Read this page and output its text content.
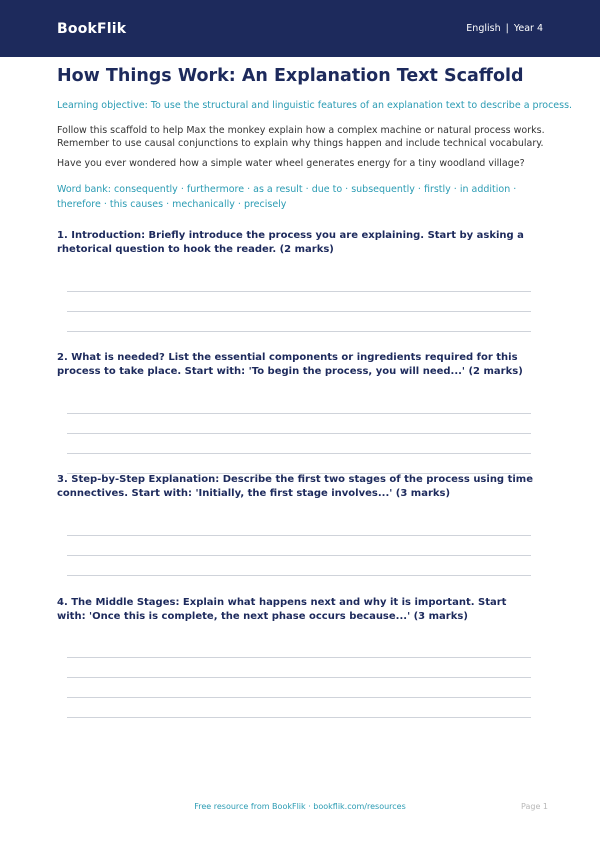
BookFlik	English | Year 4
How Things Work: An Explanation Text Scaffold

Learning objective: To use the structural and linguistic features of an explanation text to describe a process.

Follow this scaffold to help Max the monkey explain how a complex machine or natural process works. Remember to use causal conjunctions to explain why things happen and include technical vocabulary.

Have you ever wondered how a simple water wheel generates energy for a tiny woodland village?

Word bank: consequently · furthermore · as a result · due to · subsequently · firstly · in addition · therefore · this causes · mechanically · precisely

1. Introduction: Briefly introduce the process you are explaining. Start by asking a rhetorical question to hook the reader. (2 marks)
2. What is needed? List the essential components or ingredients required for this process to take place. Start with: 'To begin the process, you will need...' (2 marks)
3. Step-by-Step Explanation: Describe the first two stages of the process using time connectives. Start with: 'Initially, the first stage involves...' (3 marks)
4. The Middle Stages: Explain what happens next and why it is important. Start with: 'Once this is complete, the next phase occurs because...' (3 marks)
Free resource from BookFlik · bookflik.com/resources	Page 1
